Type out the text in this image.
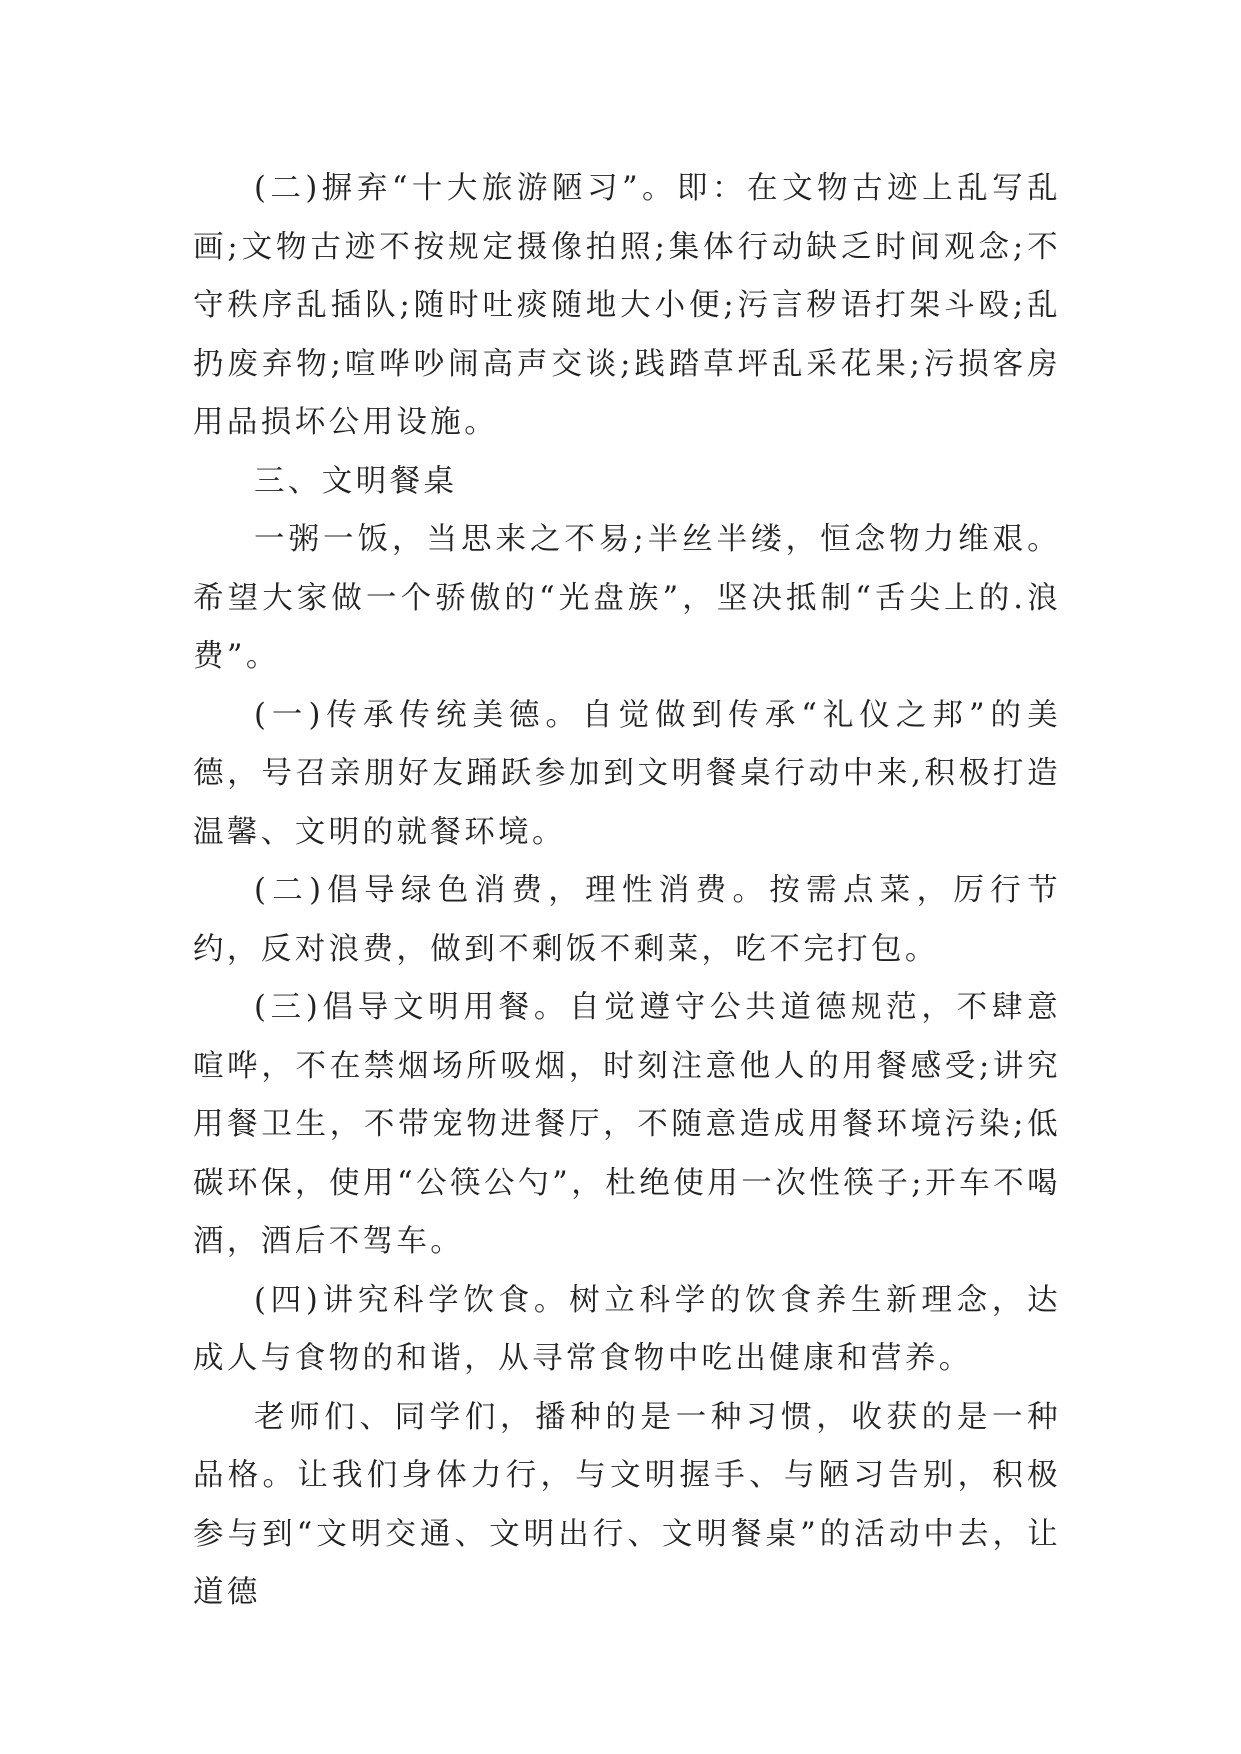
(二)摒弃“十大旅游陋习”。即：在文物古迹上乱写乱画;文物古迹不按规定摄像拍照;集体行动缺乏时间观念;不守秩序乱插队;随时吐痰随地大小便;污言秽语打架斗殴;乱扔废弃物;喧哗吵闹高声交谈;践踏草坪乱采花果;污损客房用品损坏公用设施。

三、文明餐桌

一粥一饭，当思来之不易;半丝半缕，恒念物力维艰。希望大家做一个骄傲的“光盘族”，坚决抵制“舌尖上的.浪费”。

(一)传承传统美德。自觉做到传承“礼仪之邦”的美德，号召亲朋好友踊跃参加到文明餐桌行动中来,积极打造温馨、文明的就餐环境。

(二)倡导绿色消费，理性消费。按需点菜，厉行节约，反对浪费，做到不剩饭不剩菜，吃不完打包。

(三)倡导文明用餐。自觉遵守公共道德规范，不肆意喧哗，不在禁烟场所吸烟，时刻注意他人的用餐感受;讲究用餐卫生，不带宠物进餐厅，不随意造成用餐环境污染;低碳环保，使用“公筷公勺”，杜绝使用一次性筷子;开车不喝酒，酒后不驾车。

(四)讲究科学饮食。树立科学的饮食养生新理念，达成人与食物的和谐，从寻常食物中吃出健康和营养。

老师们、同学们，播种的是一种习惯，收获的是一种品格。让我们身体力行，与文明握手、与陋习告别，积极参与到“文明交通、文明出行、文明餐桌”的活动中去，让道德
